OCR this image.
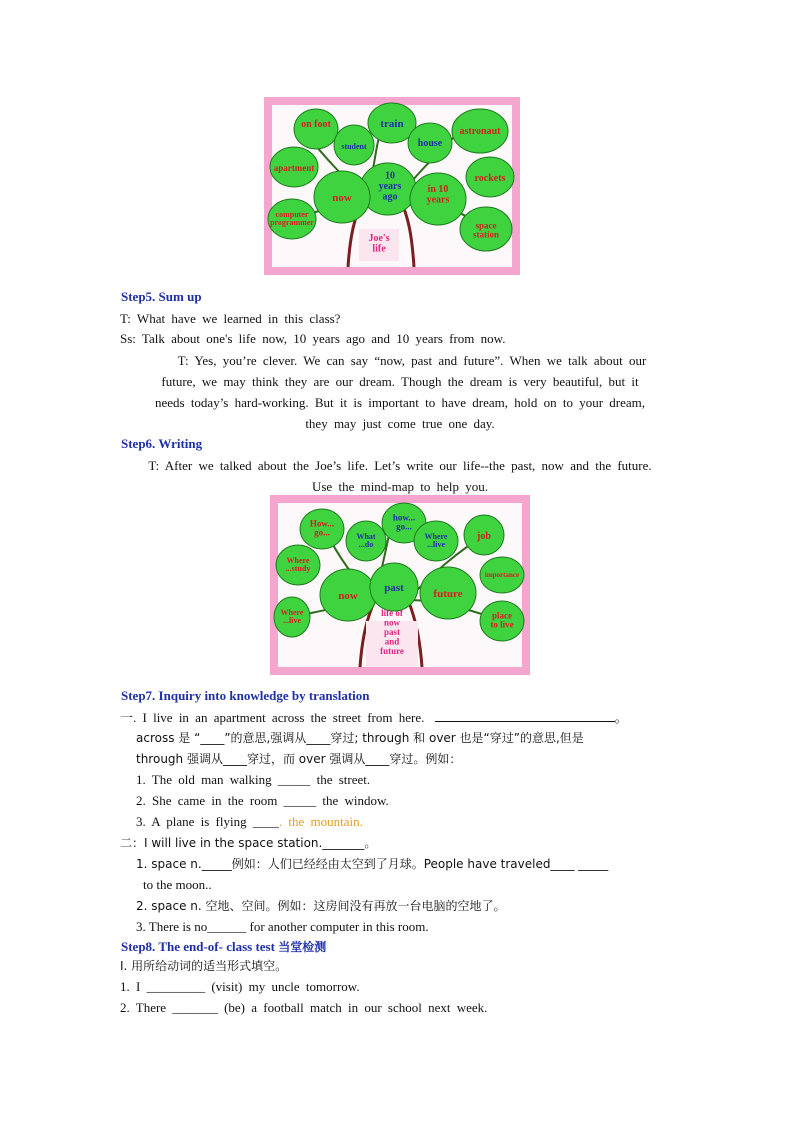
on foot	train
astronaut
student	house
apartment
10 years ago
rockets
now
in 10 years
computer programmer	space station
Joe's life
Step5. Sum up
T: What have we learned in this class?
Ss: Talk about one's life now, 10 years ago and 10 years from now.
T: Yes, you’re clever. We can say “now, past and future”. When we talk about our
future, we may think they are our dream. Though the dream is very beautiful, but it
needs today’s hard-working. But it is important to have dream, hold on to your dream,
they may just come true one day.
Step6. Writing
T: After we talked about the Joe’s life. Let’s write our life--the past, now and the future.
Use the mind-map to help you.
How... go...
how... go...
What ...do
Where ...live
job
Where ...study
importance
now
past	future
Where ...live
place to live
life of now past and future
Step7. Inquiry into knowledge by translation
一. I live in an apartment across the street from here.	。
across 是 “____”的意思,强调从____穿过; through 和 over 也是“穿过”的意思,但是
through 强调从____穿过，而 over 强调从____穿过。例如：
1. The old man walking _____ the street.
2. She came in the room _____ the window.
3. A plane is flying ____. the mountain.
二：I will live in the space station._______。
1. space n._____例如：人们已经经由太空到了月球。People have traveled____ _____
to the moon..
2. space n. 空地、空间。例如：这房间没有再放一台电脑的空地了。
3. There is no______ for another computer in this room.
Step8. The end-of- class test 当堂检测
I. 用所给动词的适当形式填空。
1. I _________ (visit) my uncle tomorrow.
2. There _______ (be) a football match in our school next week.
